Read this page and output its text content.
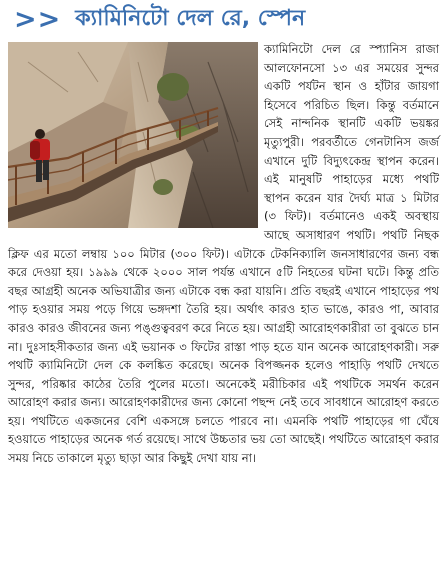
>> ক্যামিনিটো দেল রে, স্পেন

ক্যামিনিটো দেল রে স্প্যানিস রাজা আলফোনসো ১৩ এর সময়ের সুন্দর একটি পর্যটন স্থান ও হাঁটার জায়গা হিসেবে পরিচিত ছিল। কিন্তু বর্তমানে সেই নান্দনিক স্থানটি একটি ভয়ঙ্কর মৃত্যুপুরী। পরবর্তীতে গেনটানিস জর্জ এখানে দুটি বিদ্যুৎকেন্দ্র স্থাপন করেন। এই মানুষটি পাহাড়ের মধ্যে পথটি স্থাপন করেন যার দৈর্ঘ্য মাত্র ১ মিটার (৩ ফিট)। বর্তমানেও একই অবস্থায় আছে অসাধারণ পথটি। পথটি নিছক ক্লিফ এর মতো লম্বায় ১০০ মিটার (৩০০ ফিট)। এটাকে টেকনিক্যালি জনসাধারণের জন্য বন্ধ করে দেওয়া হয়। ১৯৯৯ থেকে ২০০০ সাল পর্যন্ত এখানে ৫টি নিহতের ঘটনা ঘটে। কিন্তু প্রতি বছর আগ্রহী অনেক অভিযাত্রীর জন্য এটাকে বন্ধ করা যায়নি। প্রতি বছরই এখানে পাহাড়ের পথ পাড় হওয়ার সময় পড়ে গিয়ে ভঙ্গদশা তৈরি হয়। অর্থাৎ কারও হাত ভাঙে, কারও পা, আবার কারও কারও জীবনের জন্য পঙ্গুত্ববরণ করে নিতে হয়। আগ্রহী আরোহণকারীরা তা বুঝতে চান না। দুঃসাহসীকতার জন্য এই ভয়ানক ৩ ফিটের রাস্তা পাড় হতে যান অনেক আরোহণকারী। সরু পথটি ক্যামিনিটো দেল কে কলঙ্কিত করেছে। অনেক বিপজ্জনক হলেও পাহাড়ি পথটি দেখতে সুন্দর, পরিষ্কার কাঠের তৈরি পুলের মতো। অনেকেই মরীচিকার এই পথটিকে সমর্থন করেন আরোহণ করার জন্য। আরোহণকারীদের জন্য কোনো পছন্দ নেই তবে সাবধানে আরোহণ করতে হয়। পথটিতে একজনের বেশি একসঙ্গে চলতে পারবে না। এমনকি পথটি পাহাড়ের গা ঘেঁষে হওয়াতে পাহাড়ের অনেক গর্ত রয়েছে। সাথে উচ্চতার ভয় তো আছেই। পথটিতে আরোহণ করার সময় নিচে তাকালে মৃত্যু ছাড়া আর কিছুই দেখা যায় না।
